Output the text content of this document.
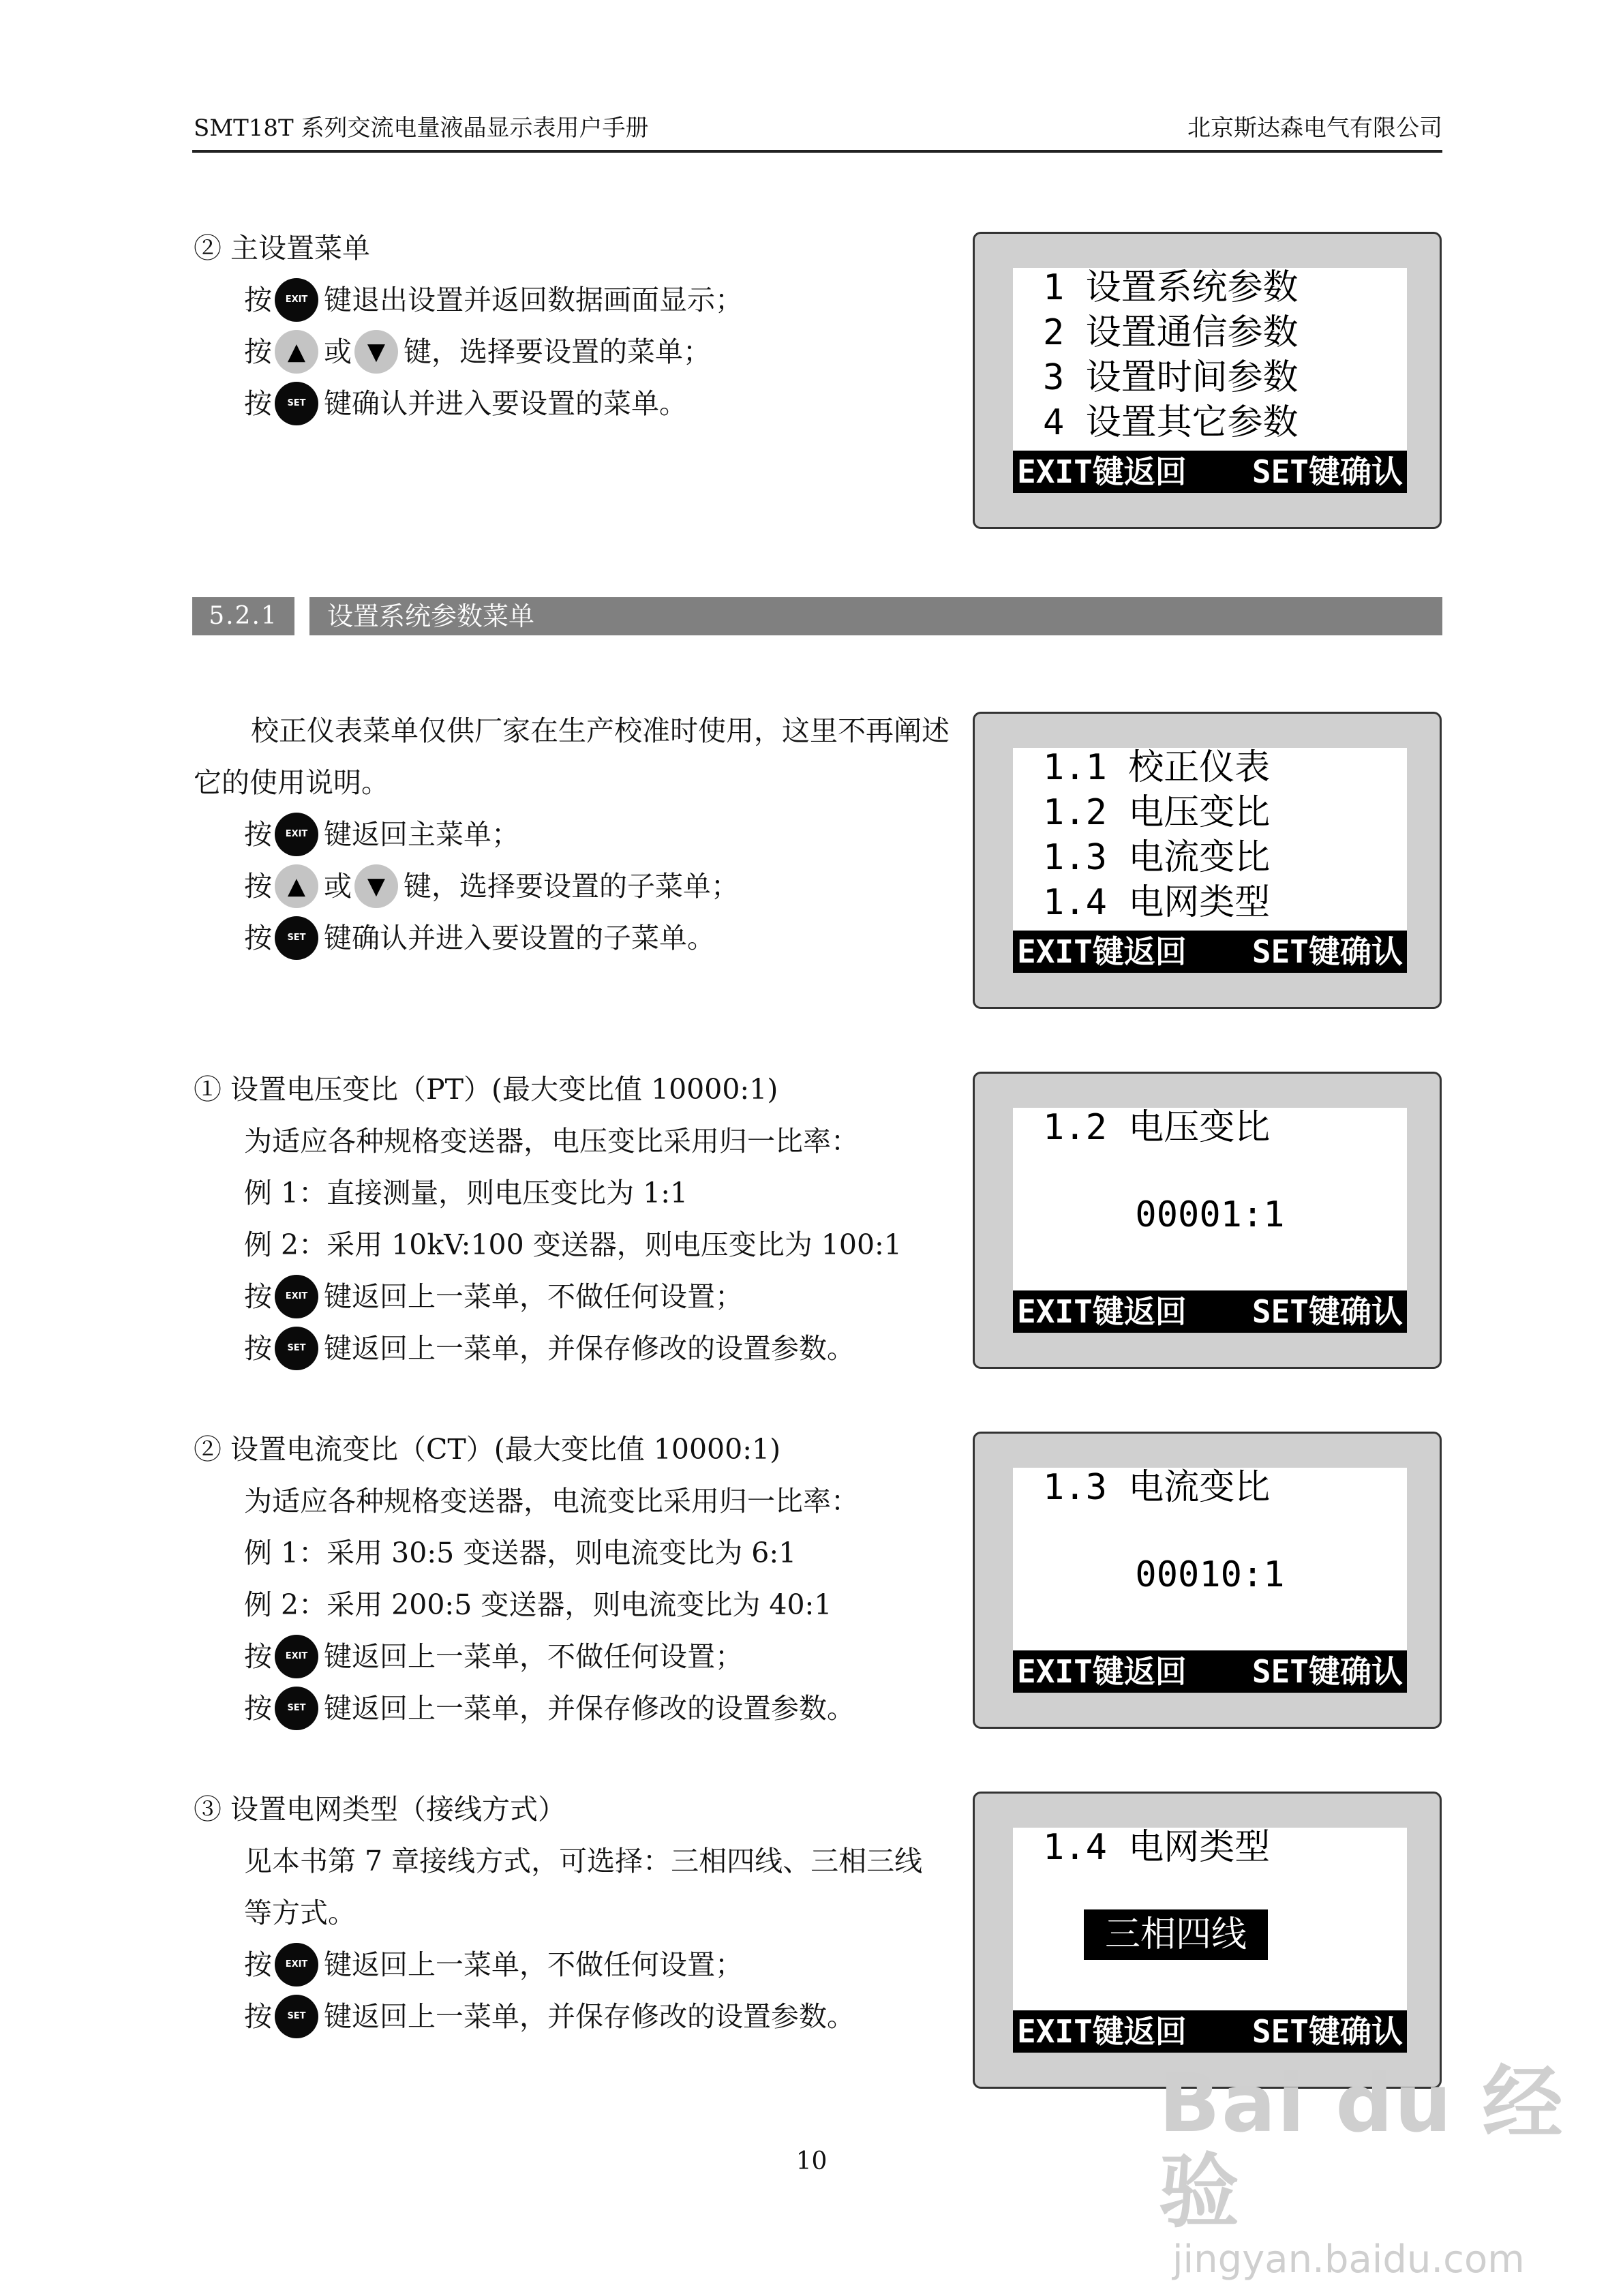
SMT18T 系列交流电量液晶显示表用户手册	北京斯达森电气有限公司
② 主设置菜单
按	EXIT 键退出设置并返回数据画面显示；
按 ▲ 或 ▼ 键，选择要设置的菜单；
按	SET 键确认并进入要设置的菜单。
1 设置系统参数
2 设置通信参数
3 设置时间参数
4 设置其它参数
EXIT键返回 SET键确认
5.2.1	设置系统参数菜单
校正仪表菜单仅供厂家在生产校准时使用，这里不再阐述它的使用说明。
按	EXIT 键返回主菜单；
按 ▲ 或 ▼ 键，选择要设置的子菜单；
按	SET 键确认并进入要设置的子菜单。
1.1 校正仪表
1.2 电压变比
1.3 电流变比
1.4 电网类型
EXIT键返回 SET键确认
① 设置电压变比（PT）(最大变比值 10000:1)
为适应各种规格变送器，电压变比采用归一比率：
例 1：直接测量，则电压变比为 1:1
例 2：采用 10kV:100 变送器，则电压变比为 100:1
按	EXIT 键返回上一菜单，不做任何设置；
按	SET 键返回上一菜单，并保存修改的设置参数。
1.2 电压变比
00001:1
EXIT键返回 SET键确认
② 设置电流变比（CT）(最大变比值 10000:1)
为适应各种规格变送器，电流变比采用归一比率：
例 1：采用 30:5 变送器，则电流变比为 6:1
例 2：采用 200:5 变送器，则电流变比为 40:1
按	EXIT 键返回上一菜单，不做任何设置；
按	SET 键返回上一菜单，并保存修改的设置参数。
1.3 电流变比
00010:1
EXIT键返回 SET键确认
③ 设置电网类型（接线方式）
见本书第 7 章接线方式，可选择：三相四线、三相三线
等方式。
按	EXIT 键返回上一菜单，不做任何设置；
按	SET 键返回上一菜单，并保存修改的设置参数。
1.4 电网类型
三相四线
EXIT键返回 SET键确认
10
Bai du 经验
jingyan.baidu.com
